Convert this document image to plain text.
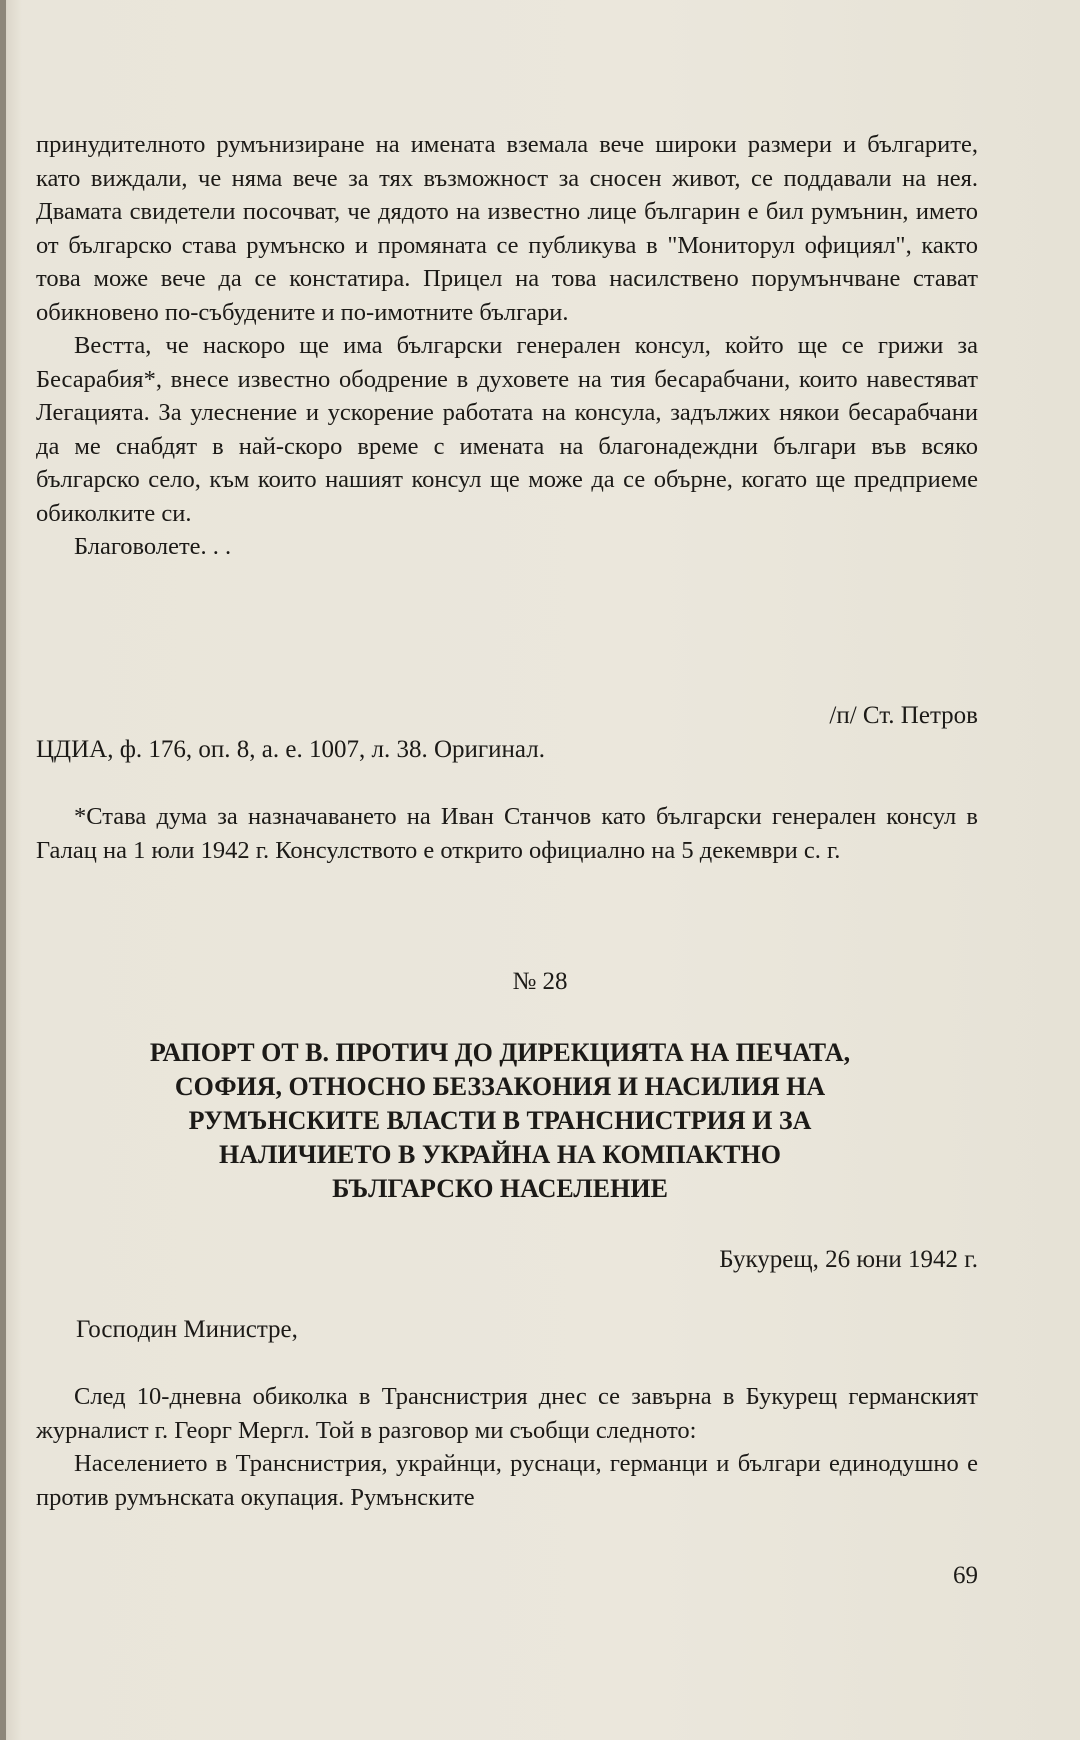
принудителното румънизиране на имената вземала вече широки размери и българите, като виждали, че няма вече за тях възможност за сносен живот, се поддавали на нея. Двамата свидетели посочват, че дядото на известно лице българин е бил румънин, името от българско става румънско и промяната се публикува в "Мониторул официял", както това може вече да се констатира. Прицел на това насилствено порумънчване стават обикновено по-събудените и по-имотните българи.

Вестта, че наскоро ще има български генерален консул, който ще се грижи за Бесарабия*, внесе известно ободрение в духовете на тия бесарабчани, които навестяват Легацията. За улеснение и ускорение работата на консула, задължих някои бесарабчани да ме снабдят в най-скоро време с имената на благонадеждни българи във всяко българско село, към които нашият консул ще може да се обърне, когато ще предприеме обиколките си.

Благоволете. . .

/п/ Ст. Петров
ЦДИА, ф. 176, оп. 8, а. е. 1007, л. 38. Оригинал.

*Става дума за назначаването на Иван Станчов като български генерален консул в Галац на 1 юли 1942 г. Консулството е открито официално на 5 декември с. г.

№ 28
РАПОРТ ОТ В. ПРОТИЧ ДО ДИРЕКЦИЯТА НА ПЕЧАТА,
СОФИЯ, ОТНОСНО БЕЗЗАКОНИЯ И НАСИЛИЯ НА
РУМЪНСКИТЕ ВЛАСТИ В ТРАНСНИСТРИЯ И ЗА
НАЛИЧИЕТО В УКРАЙНА НА КОМПАКТНО
БЪЛГАРСКО НАСЕЛЕНИЕ
Букурещ, 26 юни 1942 г.
Господин Министре,

След 10-дневна обиколка в Транснистрия днес се завърна в Букурещ германският журналист г. Георг Мергл. Той в разговор ми съобщи следното:

Населението в Транснистрия, украйнци, руснаци, германци и българи единодушно е против румънската окупация. Румънските

69
